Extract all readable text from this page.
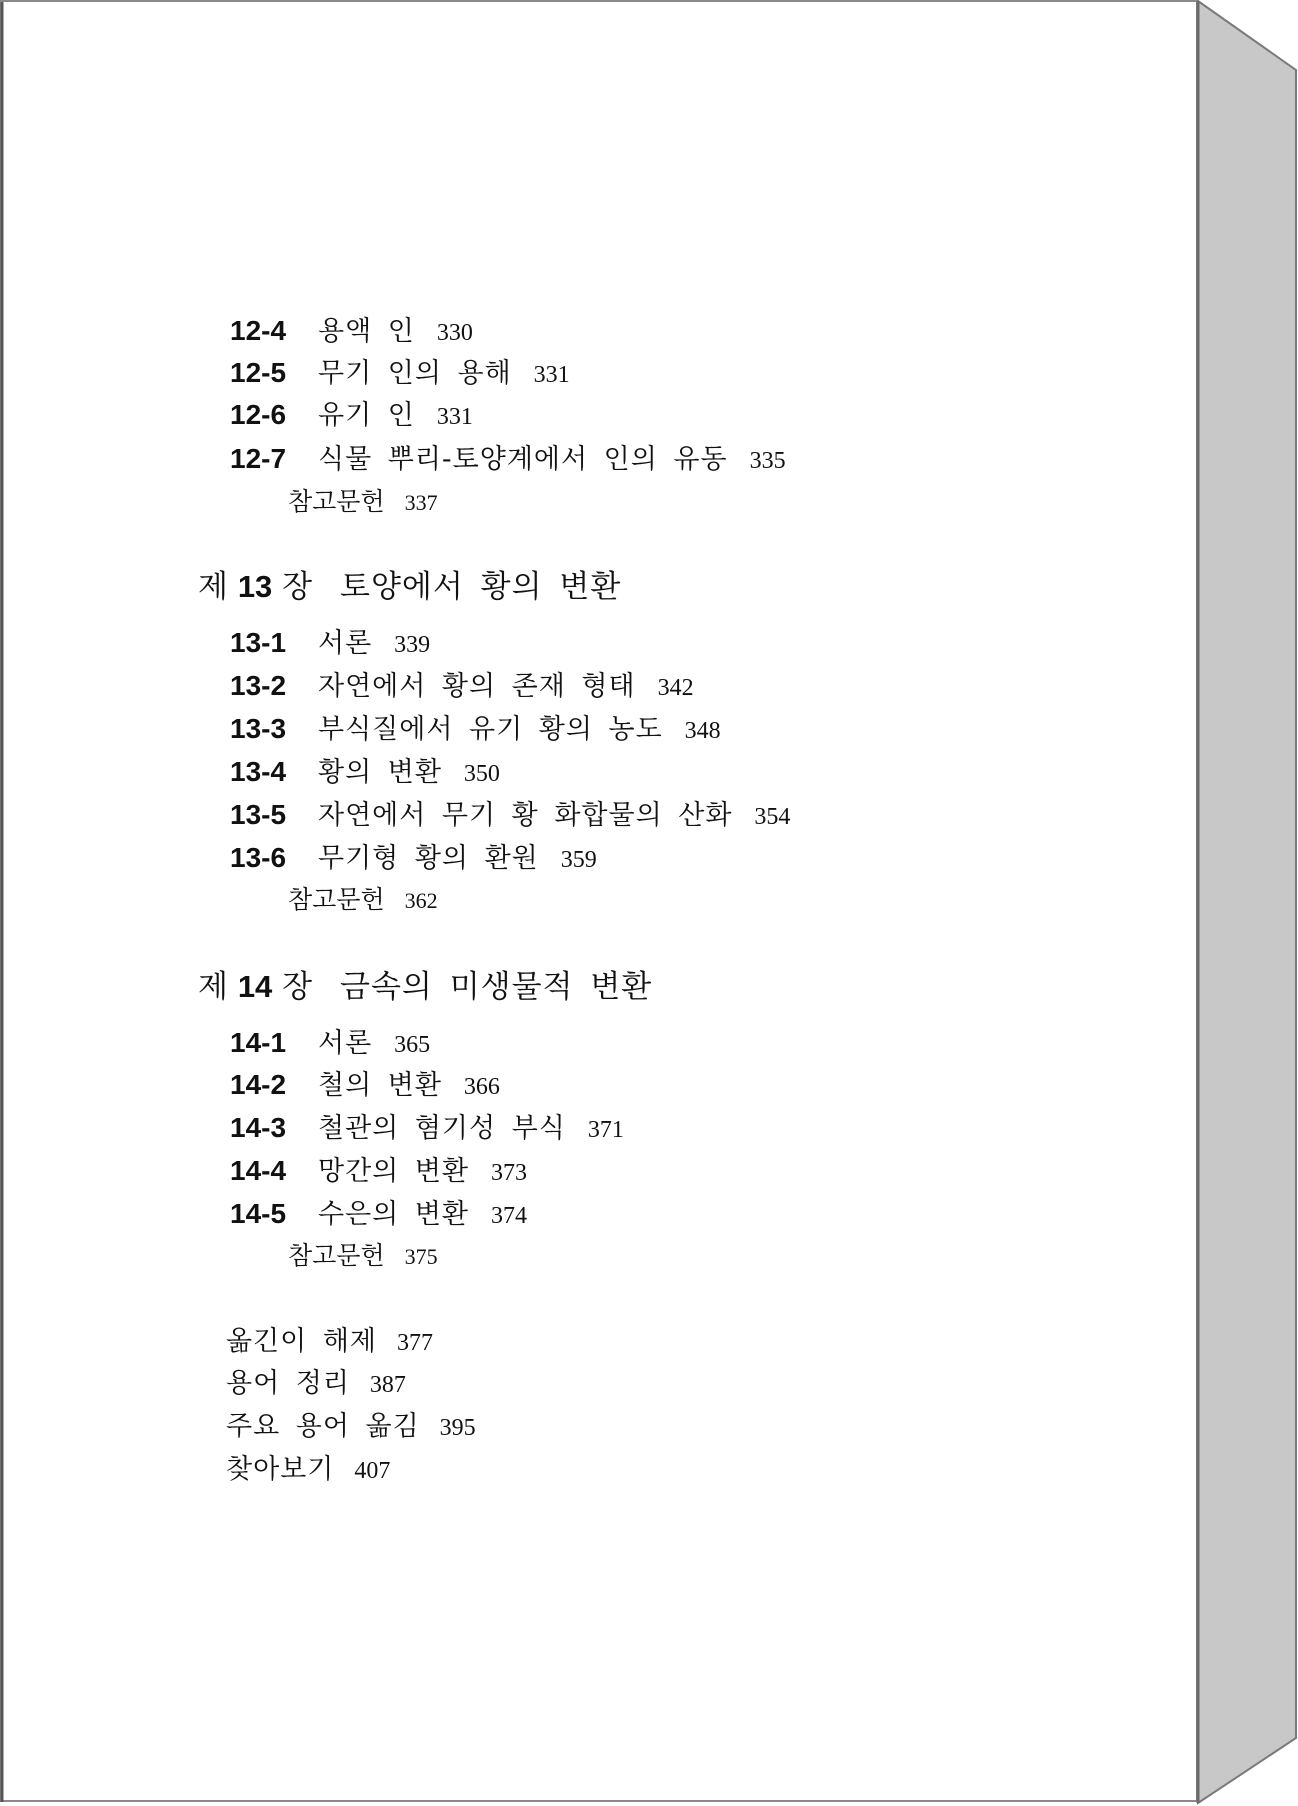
12-4 용액 인 330
12-5 무기 인의 용해 331
12-6 유기 인 331
12-7 식물 뿌리-토양계에서 인의 유동 335
참고문헌 337
제 13 장 토양에서 황의 변환
13-1 서론 339
13-2 자연에서 황의 존재 형태 342
13-3 부식질에서 유기 황의 농도 348
13-4 황의 변환 350
13-5 자연에서 무기 황 화합물의 산화 354
13-6 무기형 황의 환원 359
참고문헌 362
제 14 장 금속의 미생물적 변환
14-1 서론 365
14-2 철의 변환 366
14-3 철관의 혐기성 부식 371
14-4 망간의 변환 373
14-5 수은의 변환 374
참고문헌 375
옮긴이 해제 377
용어 정리 387
주요 용어 옮김 395
찾아보기 407
